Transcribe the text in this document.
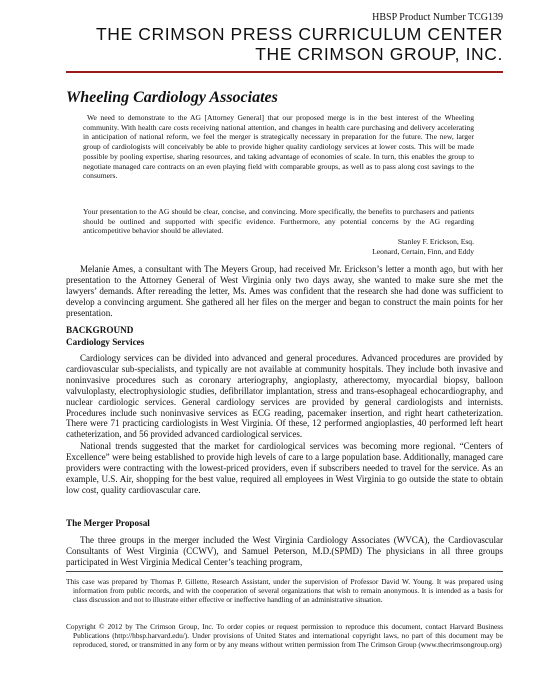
HBSP Product Number TCG139
THE CRIMSON PRESS CURRICULUM CENTER
THE CRIMSON GROUP, INC.
Wheeling Cardiology Associates

We need to demonstrate to the AG [Attorney General] that our proposed merge is in the best interest of the Wheeling community. With health care costs receiving national attention, and changes in health care purchasing and delivery accelerating in anticipation of national reform, we feel the merger is strategically necessary in preparation for the future. The new, larger group of cardiologists will conceivably be able to provide higher quality cardiology services at lower costs. This will be made possible by pooling expertise, sharing resources, and taking advantage of economies of scale. In turn, this enables the group to negotiate managed care contracts on an even playing field with comparable groups, as well as to pass along cost savings to the consumers.

Your presentation to the AG should be clear, concise, and convincing. More specifically, the benefits to purchasers and patients should be outlined and supported with specific evidence. Furthermore, any potential concerns by the AG regarding anticompetitive behavior should be alleviated.

Stanley F. Erickson, Esq.
Leonard, Certain, Finn, and Eddy

Melanie Ames, a consultant with The Meyers Group, had received Mr. Erickson’s letter a month ago, but with her presentation to the Attorney General of West Virginia only two days away, she wanted to make sure she met the lawyers’ demands. After rereading the letter, Ms. Ames was confident that the research she had done was sufficient to develop a convincing argument. She gathered all her files on the merger and began to construct the main points for her presentation.

BACKGROUND
Cardiology Services

Cardiology services can be divided into advanced and general procedures. Advanced procedures are provided by cardiovascular sub-specialists, and typically are not available at community hospitals. They include both invasive and noninvasive procedures such as coronary arteriography, angioplasty, atherectomy, myocardial biopsy, balloon valvuloplasty, electrophysiologic studies, defibrillator implantation, stress and trans-esophageal echocardiography, and nuclear cardiologic services. General cardiology services are provided by general cardiologists and internists. Procedures include such noninvasive services as ECG reading, pacemaker insertion, and right heart catheterization. There were 71 practicing cardiologists in West Virginia. Of these, 12 performed angioplasties, 40 performed left heart catheterization, and 56 provided advanced cardiological services.

National trends suggested that the market for cardiological services was becoming more regional. “Centers of Excellence” were being established to provide high levels of care to a large population base. Additionally, managed care providers were contracting with the lowest-priced providers, even if subscribers needed to travel for the service. As an example, U.S. Air, shopping for the best value, required all employees in West Virginia to go outside the state to obtain low cost, quality cardiovascular care.

The Merger Proposal

The three groups in the merger included the West Virginia Cardiology Associates (WVCA), the Cardiovascular Consultants of West Virginia (CCWV), and Samuel Peterson, M.D.(SPMD) The physicians in all three groups participated in West Virginia Medical Center’s teaching program,

This case was prepared by Thomas P. Gillette, Research Assistant, under the supervision of Professor David W. Young. It was prepared using information from public records, and with the cooperation of several organizations that wish to remain anonymous. It is intended as a basis for class discussion and not to illustrate either effective or ineffective handling of an administrative situation.

Copyright © 2012 by The Crimson Group, Inc. To order copies or request permission to reproduce this document, contact Harvard Business Publications (http://hbsp.harvard.edu/). Under provisions of United States and international copyright laws, no part of this document may be reproduced, stored, or transmitted in any form or by any means without written permission from The Crimson Group (www.thecrimsongroup.org)
